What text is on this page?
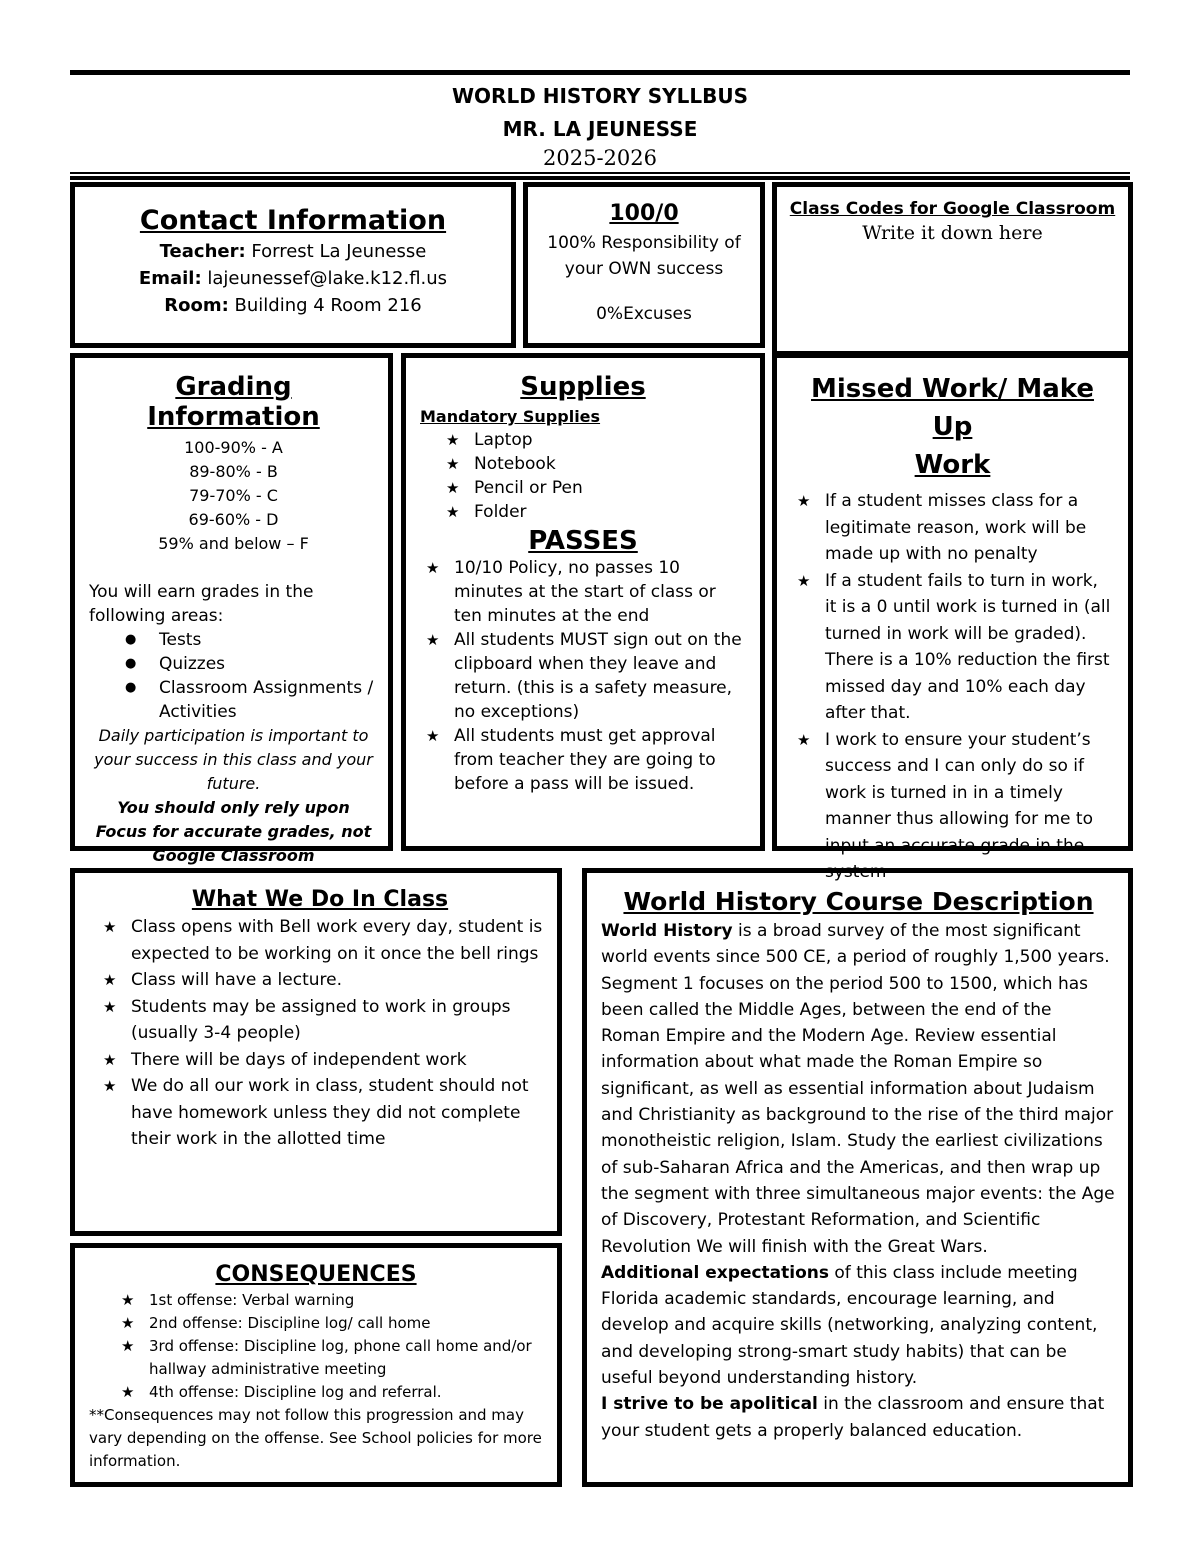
WORLD HISTORY SYLLBUS
MR. LA JEUNESSE
2025-2026

Contact Information

Teacher: Forrest La Jeunesse
Email: lajeunessef@lake.k12.fl.us
Room: Building 4 Room 216

100/0

100% Responsibility of
your OWN success
0%Excuses

Class Codes for Google Classroom

Write it down here

Grading Information

100-90% - A
89-80% - B
79-70% - C
69-60% - D
59% and below – F
You will earn grades in the
following areas:
● Tests
● Quizzes
● Classroom Assignments / Activities
Daily participation is important to your success in this class and your future.
You should only rely upon Focus for accurate grades, not Google Classroom

Supplies

Mandatory Supplies
★ Laptop
★ Notebook
★ Pencil or Pen
★ Folder

PASSES

★ 10/10 Policy, no passes 10 minutes at the start of class or ten minutes at the end
★ All students MUST sign out on the clipboard when they leave and return. (this is a safety measure, no exceptions)
★ All students must get approval from teacher they are going to before a pass will be issued.

Missed Work/ Make Up
Work

★ If a student misses class for a legitimate reason, work will be made up with no penalty
★ If a student fails to turn in work, it is a 0 until work is turned in (all turned in work will be graded). There is a 10% reduction the first missed day and 10% each day after that.
★ I work to ensure your student’s success and I can only do so if work is turned in in a timely manner thus allowing for me to input an accurate grade in the system

What We Do In Class

★ Class opens with Bell work every day, student is expected to be working on it once the bell rings
★ Class will have a lecture.
★ Students may be assigned to work in groups (usually 3-4 people)
★ There will be days of independent work
★ We do all our work in class, student should not have homework unless they did not complete their work in the allotted time

CONSEQUENCES

★ 1st offense: Verbal warning
★ 2nd offense: Discipline log/ call home
★ 3rd offense: Discipline log, phone call home and/or hallway administrative meeting
★ 4th offense: Discipline log and referral.
**Consequences may not follow this progression and may vary depending on the offense. See School policies for more information.

World History Course Description

World History is a broad survey of the most significant world events since 500 CE, a period of roughly 1,500 years. Segment 1 focuses on the period 500 to 1500, which has been called the Middle Ages, between the end of the Roman Empire and the Modern Age. Review essential information about what made the Roman Empire so significant, as well as essential information about Judaism and Christianity as background to the rise of the third major monotheistic religion, Islam. Study the earliest civilizations of sub-Saharan Africa and the Americas, and then wrap up the segment with three simultaneous major events: the Age of Discovery, Protestant Reformation, and Scientific Revolution We will finish with the Great Wars.
Additional expectations of this class include meeting Florida academic standards, encourage learning, and develop and acquire skills (networking, analyzing content, and developing strong-smart study habits) that can be useful beyond understanding history.
I strive to be apolitical in the classroom and ensure that your student gets a properly balanced education.
